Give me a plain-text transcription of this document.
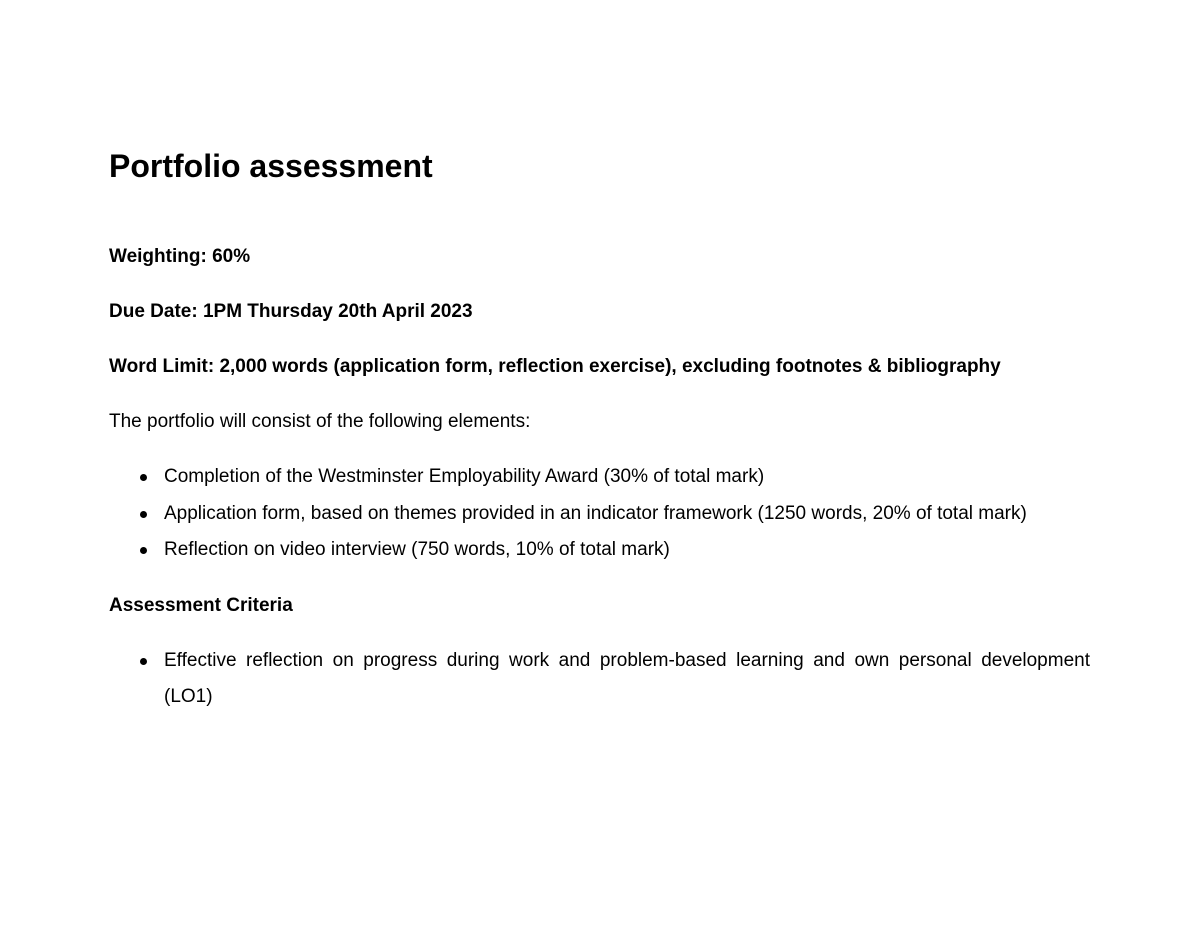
Portfolio assessment

Weighting: 60%

Due Date: 1PM Thursday 20th April 2023

Word Limit: 2,000 words (application form, reflection exercise), excluding footnotes & bibliography

The portfolio will consist of the following elements:

Completion of the Westminster Employability Award (30% of total mark)
Application form, based on themes provided in an indicator framework (1250 words, 20% of total mark)
Reflection on video interview (750 words, 10% of total mark)

Assessment Criteria

Effective reflection on progress during work and problem-based learning and own personal development (LO1)
